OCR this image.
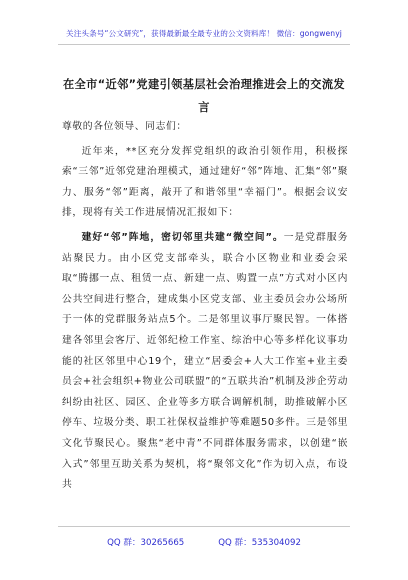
关注头条号“公文研究”，获得最新最全最专业的公文资料库！ 微信：gongwenyj
在全市“近邻”党建引领基层社会治理推进会上的交流发言

尊敬的各位领导、同志们：

近年来，**区充分发挥党组织的政治引领作用，积极探索“三邻”近邻党建治理模式，通过建好“邻”阵地、汇集“邻”聚力、服务“邻”距离，敲开了和谐邻里“幸福门”。根据会议安排，现将有关工作进展情况汇报如下：

建好“邻”阵地，密切邻里共建“微空间”。一是党群服务站聚民力。由小区党支部牵头，联合小区物业和业委会采取“腾挪一点、租赁一点、新建一点、购置一点”方式对小区内公共空间进行整合，建成集小区党支部、业主委员会办公场所于一体的党群服务站点5个。二是邻里议事厅聚民智。一体搭建各邻里会客厅、近邻纪检工作室、综治中心等多样化议事功能的社区邻里中心19个，建立“居委会+人大工作室+业主委员会+社会组织+物业公司联盟”的“五联共治”机制及涉企劳动纠纷由社区、园区、企业等多方联合调解机制，助推破解小区停车、垃圾分类、职工社保权益维护等难题50多件。三是邻里文化节聚民心。聚焦“老中青”不同群体服务需求，以创建“嵌入式”邻里互助关系为契机，将“聚邻文化”作为切入点，布设共

QQ 群：30265665	QQ 群：535304092
